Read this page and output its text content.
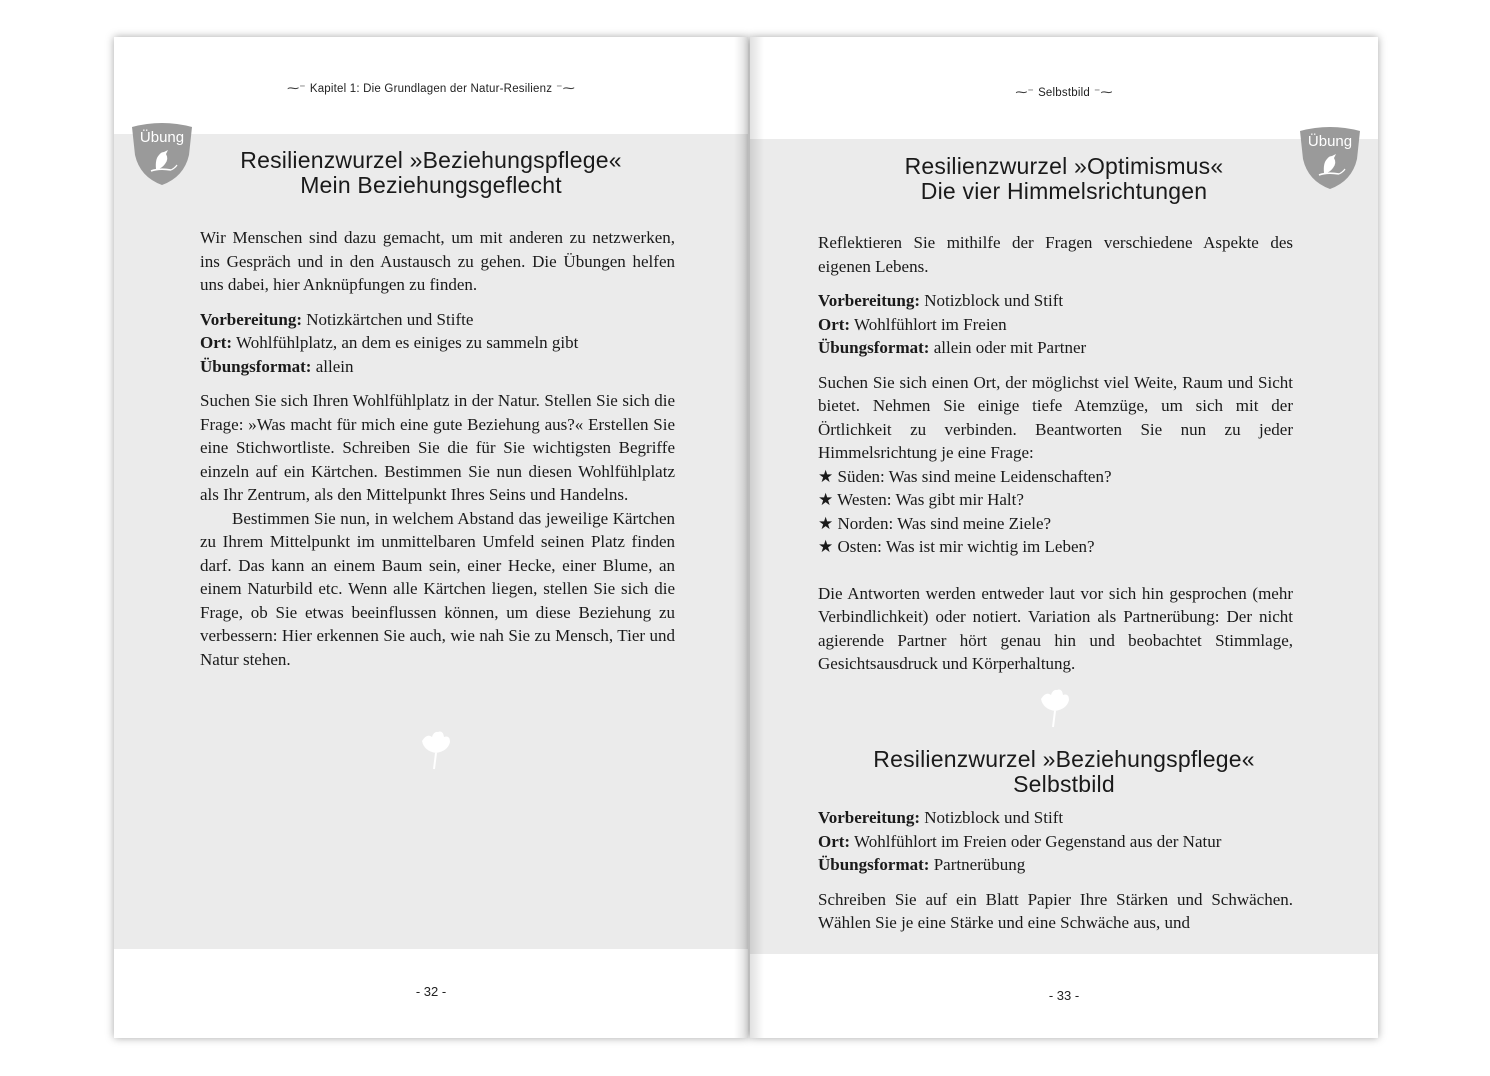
⁓⁻ Kapitel 1: Die Grundlagen der Natur-Resilienz ⁻⁓
Übung
Resilienzwurzel »Beziehungspflege«
Mein Beziehungsgeflecht

Wir Menschen sind dazu gemacht, um mit anderen zu netzwerken, ins Gespräch und in den Austausch zu gehen. Die Übungen helfen uns dabei, hier Anknüpfungen zu finden.

Vorbereitung: Notizkärtchen und Stifte

Ort: Wohlfühlplatz, an dem es einiges zu sammeln gibt

Übungsformat: allein

Suchen Sie sich Ihren Wohlfühlplatz in der Natur. Stellen Sie sich die Frage: »Was macht für mich eine gute Beziehung aus?« Erstellen Sie eine Stichwortliste. Schreiben Sie die für Sie wichtigsten Begriffe einzeln auf ein Kärtchen. Bestimmen Sie nun diesen Wohlfühlplatz als Ihr Zentrum, als den Mittelpunkt Ihres Seins und Handelns.

Bestimmen Sie nun, in welchem Abstand das jeweilige Kärtchen zu Ihrem Mittelpunkt im unmittelbaren Umfeld seinen Platz finden darf. Das kann an einem Baum sein, einer Hecke, einer Blume, an einem Naturbild etc. Wenn alle Kärtchen liegen, stellen Sie sich die Frage, ob Sie etwas beeinflussen können, um diese Beziehung zu verbessern: Hier erkennen Sie auch, wie nah Sie zu Mensch, Tier und Natur stehen.

- 32 -
⁓⁻ Selbstbild ⁻⁓
Übung
Resilienzwurzel »Optimismus«
Die vier Himmelsrichtungen

Reflektieren Sie mithilfe der Fragen verschiedene Aspekte des eigenen Lebens.

Vorbereitung: Notizblock und Stift

Ort: Wohlfühlort im Freien

Übungsformat: allein oder mit Partner

Suchen Sie sich einen Ort, der möglichst viel Weite, Raum und Sicht bietet. Nehmen Sie einige tiefe Atemzüge, um sich mit der Örtlichkeit zu verbinden. Beantworten Sie nun zu jeder Himmelsrichtung je eine Frage:

★ Süden: Was sind meine Leidenschaften?

★ Westen: Was gibt mir Halt?

★ Norden: Was sind meine Ziele?

★ Osten: Was ist mir wichtig im Leben?

Die Antworten werden entweder laut vor sich hin gesprochen (mehr Verbindlichkeit) oder notiert. Variation als Partnerübung: Der nicht agierende Partner hört genau hin und beobachtet Stimmlage, Gesichtsausdruck und Körperhaltung.

Resilienzwurzel »Beziehungspflege«
Selbstbild

Vorbereitung: Notizblock und Stift

Ort: Wohlfühlort im Freien oder Gegenstand aus der Natur

Übungsformat: Partnerübung

Schreiben Sie auf ein Blatt Papier Ihre Stärken und Schwächen. Wählen Sie je eine Stärke und eine Schwäche aus, und

- 33 -
